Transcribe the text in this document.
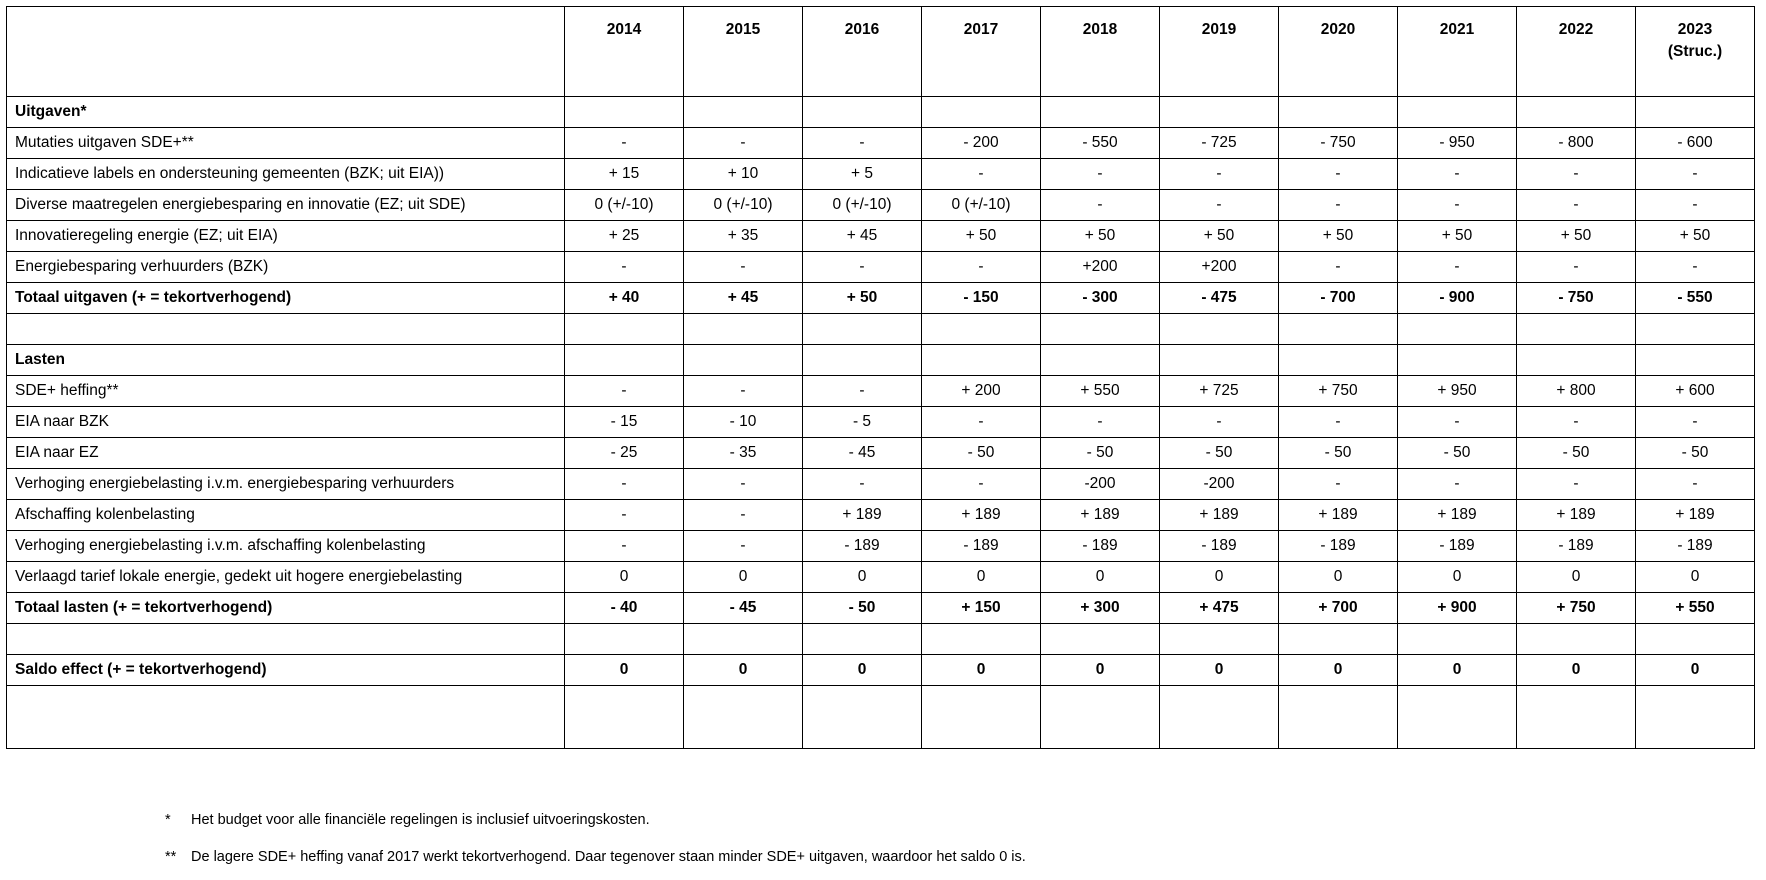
	2014	2015	2016	2017	2018	2019	2020	2021	2022	2023
(Struc.)

Uitgaven*										
Mutaties uitgaven SDE+**	-	-	-	- 200	- 550	- 725	- 750	- 950	- 800	- 600
Indicatieve labels en ondersteuning gemeenten (BZK; uit EIA))	+ 15	+ 10	+ 5	-	-	-	-	-	-	-
Diverse maatregelen energiebesparing en innovatie (EZ; uit SDE)	0 (+/-10)	0 (+/-10)	0 (+/-10)	0 (+/-10)	-	-	-	-	-	-
Innovatieregeling energie (EZ; uit EIA)	+ 25	+ 35	+ 45	+ 50	+ 50	+ 50	+ 50	+ 50	+ 50	+ 50
Energiebesparing verhuurders (BZK)	-	-	-	-	+200	+200	-	-	-	-
Totaal uitgaven (+ = tekortverhogend)	+ 40	+ 45	+ 50	- 150	- 300	- 475	- 700	- 900	- 750	- 550

Lasten										
SDE+ heffing**	-	-	-	+ 200	+ 550	+ 725	+ 750	+ 950	+ 800	+ 600
EIA naar BZK	- 15	- 10	- 5	-	-	-	-	-	-	-
EIA naar EZ	- 25	- 35	- 45	- 50	- 50	- 50	- 50	- 50	- 50	- 50
Verhoging energiebelasting i.v.m. energiebesparing verhuurders	-	-	-	-	-200	-200	-	-	-	-
Afschaffing kolenbelasting	-	-	+ 189	+ 189	+ 189	+ 189	+ 189	+ 189	+ 189	+ 189
Verhoging energiebelasting i.v.m. afschaffing kolenbelasting	-	-	- 189	- 189	- 189	- 189	- 189	- 189	- 189	- 189
Verlaagd tarief lokale energie, gedekt uit hogere energiebelasting	0	0	0	0	0	0	0	0	0	0
Totaal lasten (+ = tekortverhogend)	- 40	- 45	- 50	+ 150	+ 300	+ 475	+ 700	+ 900	+ 750	+ 550

Saldo effect (+ = tekortverhogend)	0	0	0	0	0	0	0	0	0	0

*	Het budget voor alle financiële regelingen is inclusief uitvoeringskosten.
**	De lagere SDE+ heffing vanaf 2017 werkt tekortverhogend. Daar tegenover staan minder SDE+ uitgaven, waardoor het saldo 0 is.
